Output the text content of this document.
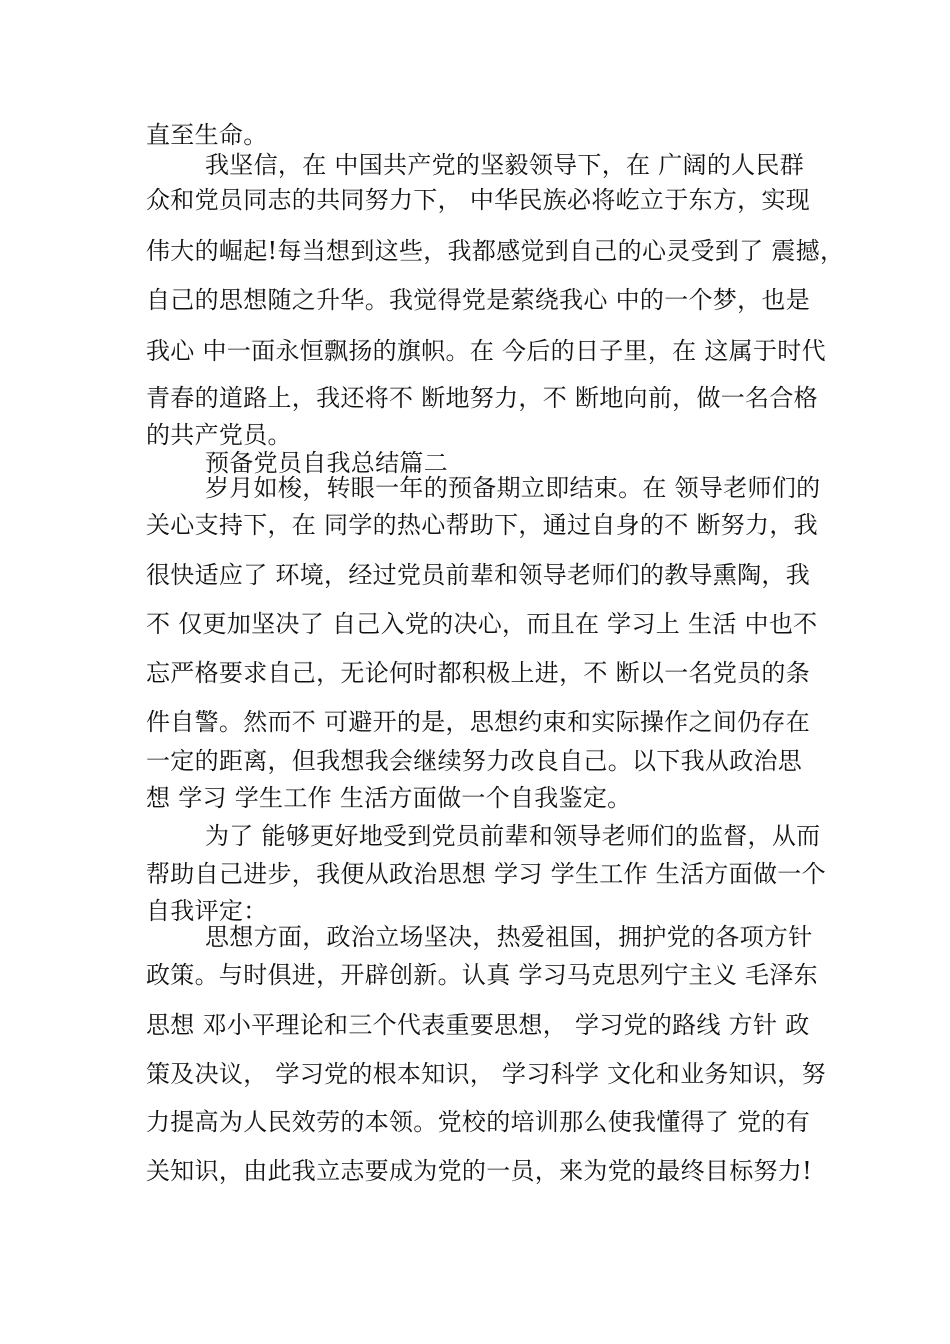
直至生命。
我坚信，在 中国共产党的坚毅领导下，在 广阔的人民群
众和党员同志的共同努力下， 中华民族必将屹立于东方，实现
伟大的崛起!每当想到这些，我都感觉到自己的心灵受到了 震撼，
自己的思想随之升华。我觉得党是萦绕我心 中的一个梦，也是
我心 中一面永恒飘扬的旗帜。在 今后的日子里，在 这属于时代
青春的道路上，我还将不 断地努力，不 断地向前，做一名合格
的共产党员。
预备党员自我总结篇二
岁月如梭，转眼一年的预备期立即结束。在 领导老师们的
关心支持下，在 同学的热心帮助下，通过自身的不 断努力，我
很快适应了 环境，经过党员前辈和领导老师们的教导熏陶，我
不 仅更加坚决了 自己入党的决心，而且在 学习上 生活 中也不
忘严格要求自己，无论何时都积极上进，不 断以一名党员的条
件自警。然而不 可避开的是，思想约束和实际操作之间仍存在
一定的距离，但我想我会继续努力改良自己。以下我从政治思
想 学习 学生工作 生活方面做一个自我鉴定。
为了 能够更好地受到党员前辈和领导老师们的监督，从而
帮助自己进步，我便从政治思想 学习 学生工作 生活方面做一个
自我评定：
思想方面，政治立场坚决，热爱祖国，拥护党的各项方针
政策。与时俱进，开辟创新。认真 学习马克思列宁主义 毛泽东
思想 邓小平理论和三个代表重要思想， 学习党的路线 方针 政
策及决议， 学习党的根本知识， 学习科学 文化和业务知识，努
力提高为人民效劳的本领。党校的培训那么使我懂得了 党的有
关知识，由此我立志要成为党的一员，来为党的最终目标努力!
